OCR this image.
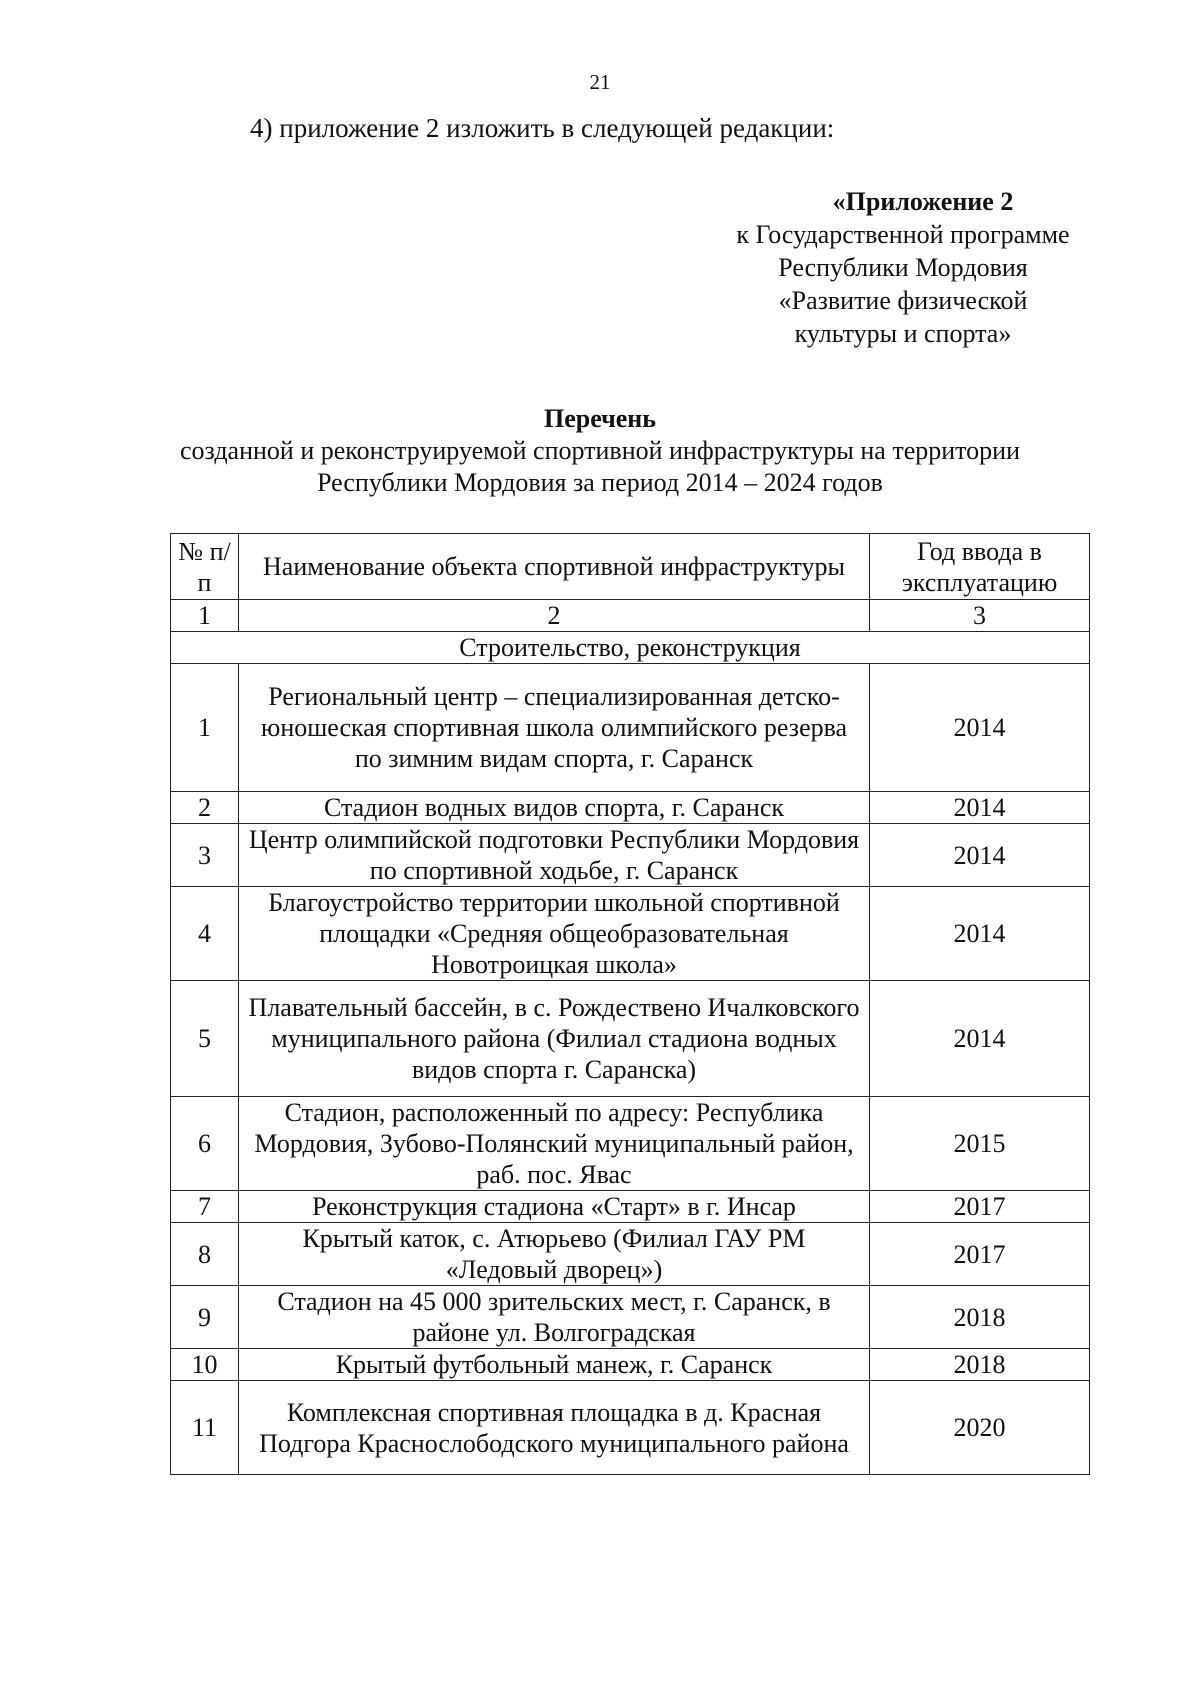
21
4) приложение 2 изложить в следующей редакции:
«Приложение 2
к Государственной программе
Республики Мордовия
«Развитие физической
культуры и спорта»
Перечень
созданной и реконструируемой спортивной инфраструктуры на территории
Республики Мордовия за период 2014 – 2024 годов
№ п/п	Наименование объекта спортивной инфраструктуры	Год ввода в эксплуатацию
1	2	3
Строительство, реконструкция		
1	Региональный центр – специализированная детско-юношеская спортивная школа олимпийского резерва по зимним видам спорта, г. Саранск	2014
2	Стадион водных видов спорта, г. Саранск	2014
3	Центр олимпийской подготовки Республики Мордовия по спортивной ходьбе, г. Саранск	2014
4	Благоустройство территории школьной спортивной площадки «Средняя общеобразовательная Новотроицкая школа»	2014
5	Плавательный бассейн, в с. Рождествено Ичалковского муниципального района (Филиал стадиона водных видов спорта г. Саранска)	2014
6	Стадион, расположенный по адресу: Республика Мордовия, Зубово-Полянский муниципальный район, раб. пос. Явас	2015
7	Реконструкция стадиона «Старт» в г. Инсар	2017
8	Крытый каток, с. Атюрьево (Филиал ГАУ РМ «Ледовый дворец»)	2017
9	Стадион на 45 000 зрительских мест, г. Саранск, в районе ул. Волгоградская	2018
10	Крытый футбольный манеж, г. Саранск	2018
11	Комплексная спортивная площадка в д. Красная Подгора Краснослободского муниципального района	2020
